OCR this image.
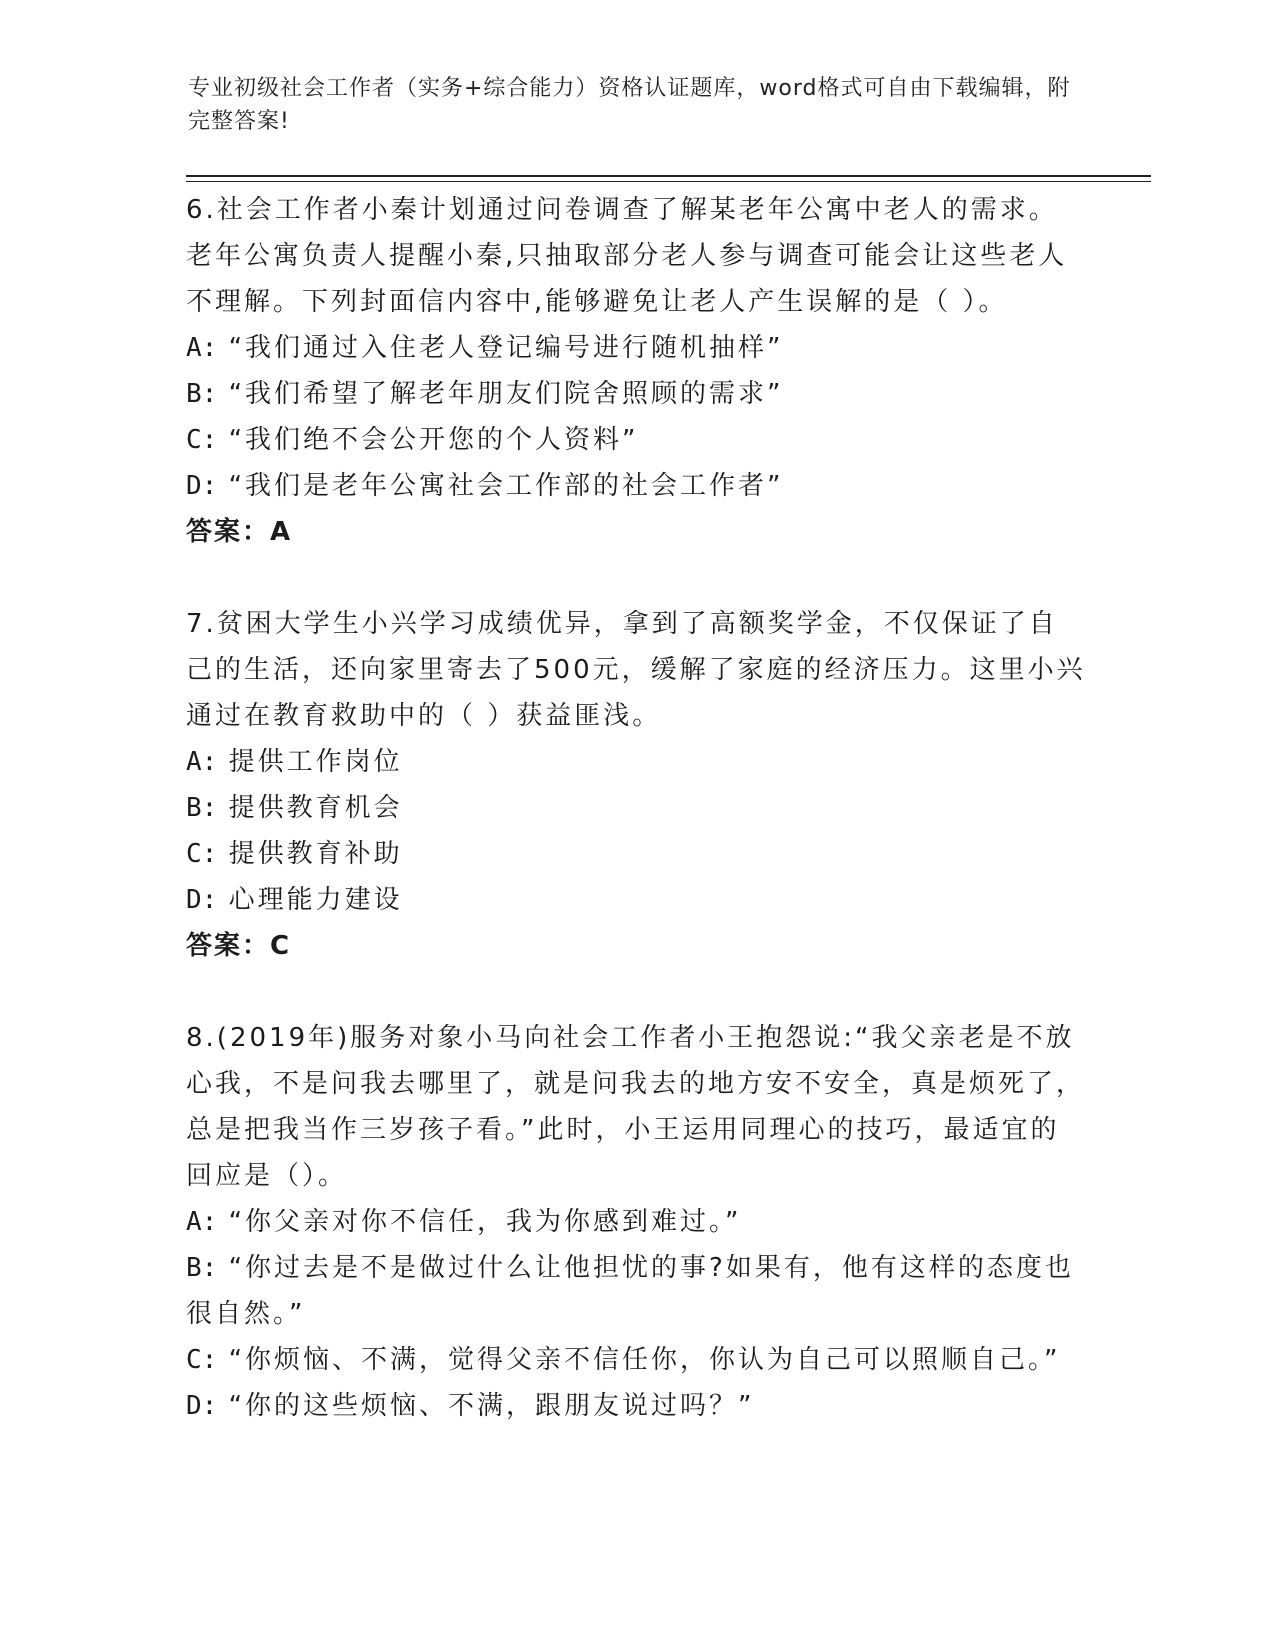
专业初级社会工作者（实务+综合能力）资格认证题库，word格式可自由下载编辑，附完整答案!

6.社会工作者小秦计划通过问卷调查了解某老年公寓中老人的需求。老年公寓负责人提醒小秦,只抽取部分老人参与调查可能会让这些老人不理解。下列封面信内容中,能够避免让老人产生误解的是（ ）。

A: “我们通过入住老人登记编号进行随机抽样”

B: “我们希望了解老年朋友们院舍照顾的需求”

C: “我们绝不会公开您的个人资料”

D: “我们是老年公寓社会工作部的社会工作者”

答案：A

7.贫困大学生小兴学习成绩优异，拿到了高额奖学金，不仅保证了自己的生活，还向家里寄去了500元，缓解了家庭的经济压力。这里小兴通过在教育救助中的（ ）获益匪浅。

A: 提供工作岗位

B: 提供教育机会

C: 提供教育补助

D: 心理能力建设

答案：C

8.(2019年)服务对象小马向社会工作者小王抱怨说:“我父亲老是不放心我，不是问我去哪里了，就是问我去的地方安不安全，真是烦死了，总是把我当作三岁孩子看。”此时，小王运用同理心的技巧，最适宜的回应是（）。

A: “你父亲对你不信任，我为你感到难过。”

B: “你过去是不是做过什么让他担忧的事?如果有，他有这样的态度也很自然。”

C: “你烦恼、不满，觉得父亲不信任你，你认为自己可以照顺自己。”

D: “你的这些烦恼、不满，跟朋友说过吗？”
